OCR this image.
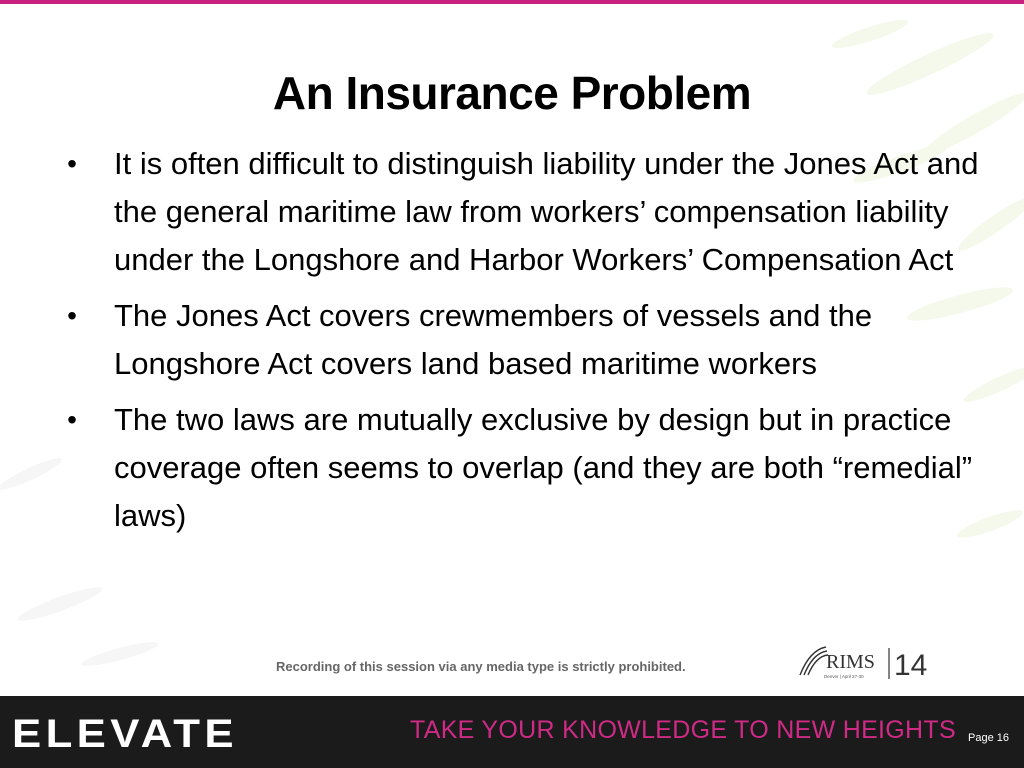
An Insurance Problem
• It is often difficult to distinguish liability under the Jones Act and the general maritime law from workers’ compensation liability under the Longshore and Harbor Workers’ Compensation Act
• The Jones Act covers crewmembers of vessels and the Longshore Act covers land based maritime workers
• The two laws are mutually exclusive by design but in practice coverage often seems to overlap (and they are both “remedial” laws)
Recording of this session via any media type is strictly prohibited.	RIMS
Denver | April 27-30 14
ELEVATE	TAKE YOUR KNOWLEDGE TO NEW HEIGHTS Page 16
